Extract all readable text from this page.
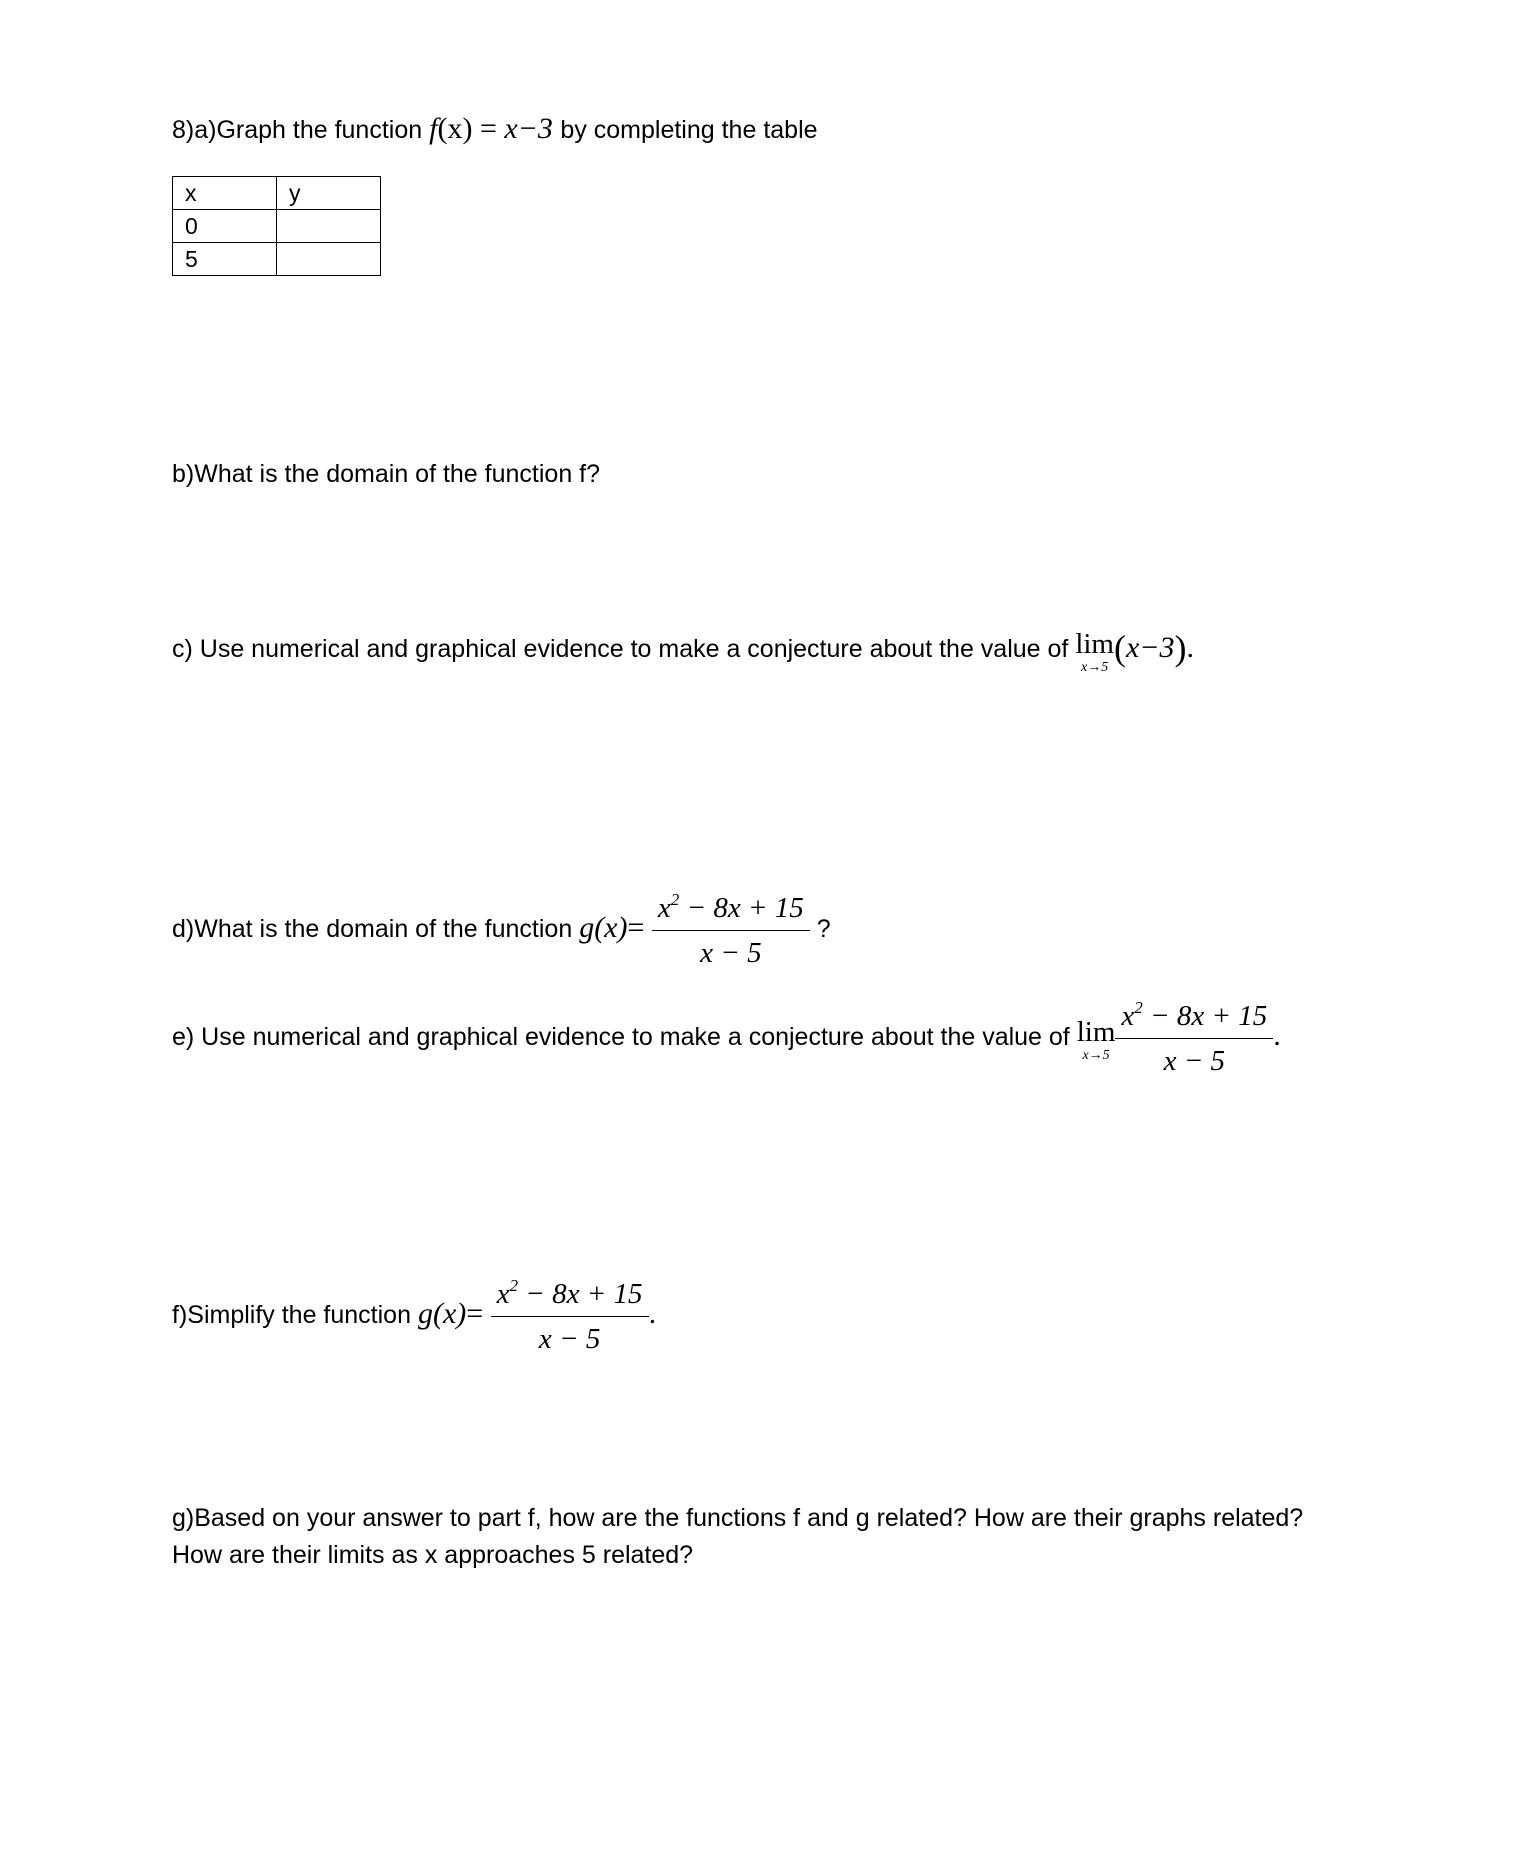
8)a)Graph the function f(x) = x−3 by completing the table
x	y
0	
5	
b)What is the domain of the function f?
c) Use numerical and graphical evidence to make a conjecture about the value of lim
x→5 (x−3).
d)What is the domain of the function $g(x)= \frac{x^2 - 8x + 15}{x - 5}$ ?
e) Use numerical and graphical evidence to make a conjecture about the value of lim
$x\to 5 \frac{x^2 - 8x + 15}{x - 5}$ .
f)Simplify the function $g(x)= \frac{x^2 - 8x + 15}{x - 5}$ .
g)Based on your answer to part f, how are the functions f and g related? How are their graphs related?
How are their limits as x approaches 5 related?
